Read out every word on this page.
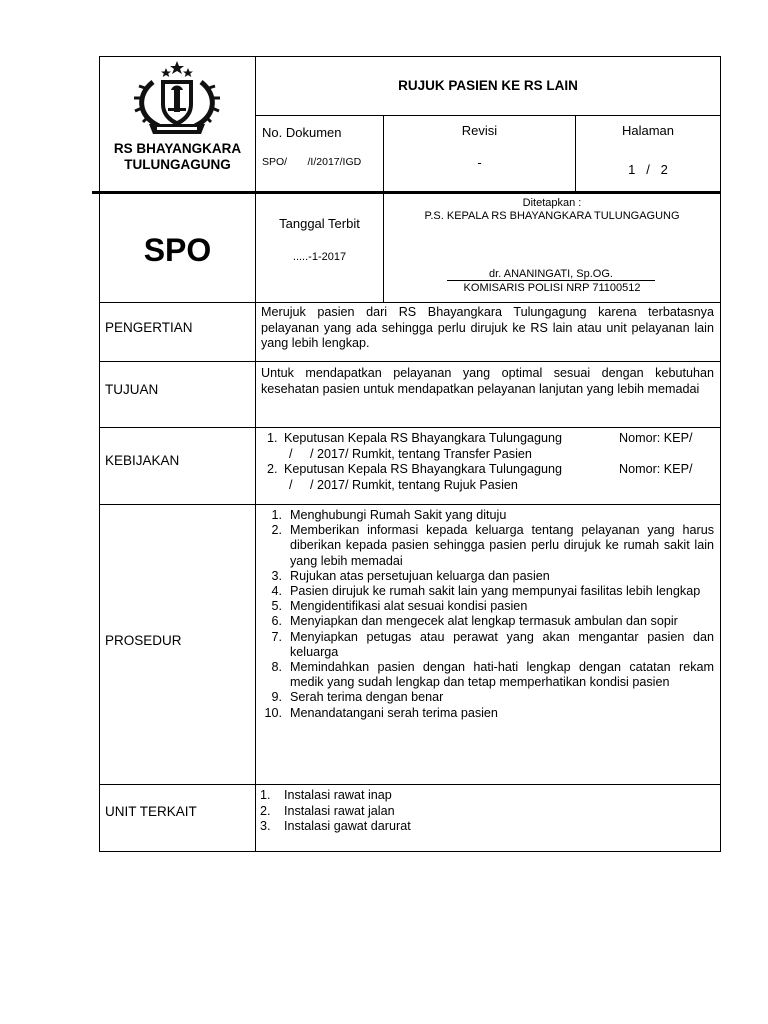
RS BHAYANGKARA
TULUNGAGUNG
RUJUK PASIEN KE RS LAIN
No. Dokumen
SPO/       /I/2017/IGD
Revisi
-
Halaman
1   /   2
SPO
Tanggal Terbit
.....-1-2017
Ditetapkan :
P.S. KEPALA RS BHAYANGKARA TULUNGAGUNG
dr. ANANINGATI, Sp.OG.
KOMISARIS POLISI NRP 71100512
PENGERTIAN
Merujuk pasien dari RS Bhayangkara Tulungagung karena terbatasnya pelayanan yang ada sehingga perlu dirujuk ke RS lain atau unit pelayanan lain yang lebih lengkap.
TUJUAN
Untuk mendapatkan pelayanan yang optimal sesuai dengan kebutuhan kesehatan pasien untuk mendapatkan pelayanan lanjutan yang lebih memadai
KEBIJAKAN
1. Keputusan Kepala RS Bhayangkara Tulungagung	Nomor: KEP/
/     / 2017/ Rumkit, tentang Transfer Pasien
2. Keputusan Kepala RS Bhayangkara Tulungagung	Nomor: KEP/
/     / 2017/ Rumkit, tentang Rujuk Pasien
PROSEDUR
1. Menghubungi Rumah Sakit yang dituju
2. Memberikan informasi kepada keluarga tentang pelayanan yang harus diberikan kepada pasien sehingga pasien perlu dirujuk ke rumah sakit lain yang lebih memadai
3. Rujukan atas persetujuan keluarga dan pasien
4. Pasien dirujuk ke rumah sakit lain yang mempunyai fasilitas lebih lengkap
5. Mengidentifikasi alat sesuai kondisi pasien
6. Menyiapkan dan mengecek alat lengkap termasuk ambulan dan sopir
7. Menyiapkan petugas atau perawat yang akan mengantar pasien dan keluarga
8. Memindahkan pasien dengan hati-hati lengkap dengan catatan rekam medik yang sudah lengkap dan tetap memperhatikan kondisi pasien
9. Serah terima dengan benar
10. Menandatangani serah terima pasien
UNIT TERKAIT
1. Instalasi rawat inap
2. Instalasi rawat jalan
3. Instalasi gawat darurat
